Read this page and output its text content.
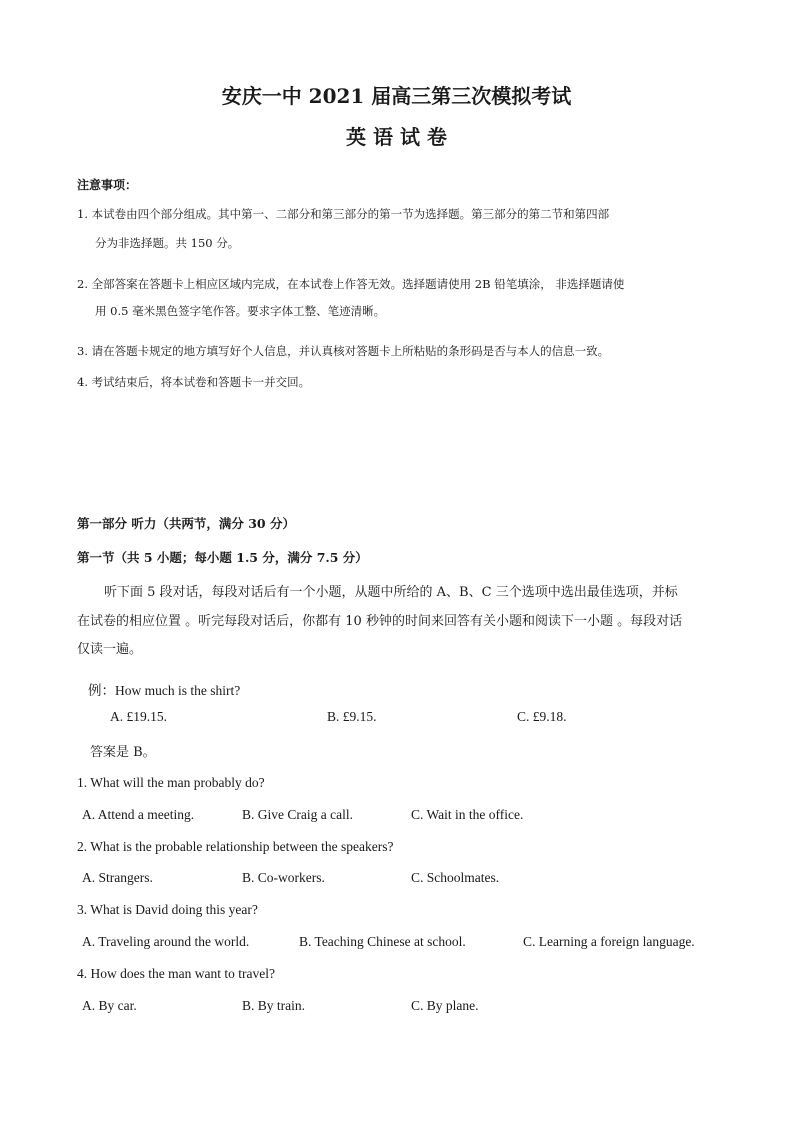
安庆一中 2021 届高三第三次模拟考试
英 语 试 卷
注意事项：
1. 本试卷由四个部分组成。其中第一、二部分和第三部分的第一节为选择题。第三部分的第二节和第四部
分为非选择题。共 150 分。
2. 全部答案在答题卡上相应区域内完成，在本试卷上作答无效。选择题请使用 2B 铅笔填涂， 非选择题请使
用 0.5 毫米黑色签字笔作答。要求字体工整、笔迹清晰。
3. 请在答题卡规定的地方填写好个人信息，并认真核对答题卡上所粘贴的条形码是否与本人的信息一致。
4. 考试结束后，将本试卷和答题卡一并交回。
第一部分 听力（共两节，满分 30 分）
第一节（共 5 小题；每小题 1.5 分，满分 7.5 分）
听下面 5 段对话，每段对话后有一个小题，从题中所给的 A、B、C 三个选项中选出最佳选项，并标
在试卷的相应位置 。听完每段对话后，你都有 10 秒钟的时间来回答有关小题和阅读下一小题 。每段对话
仅读一遍。
例：How much is the shirt?
A. £19.15.	B. £9.15.	C. £9.18.
答案是 B。
1. What will the man probably do?
A. Attend a meeting.	B. Give Craig a call.	C. Wait in the office.
2. What is the probable relationship between the speakers?
A. Strangers.	B. Co-workers.	C. Schoolmates.
3. What is David doing this year?
A. Traveling around the world.	B. Teaching Chinese at school.	C. Learning a foreign language.
4. How does the man want to travel?
A. By car.	B. By train.	C. By plane.
